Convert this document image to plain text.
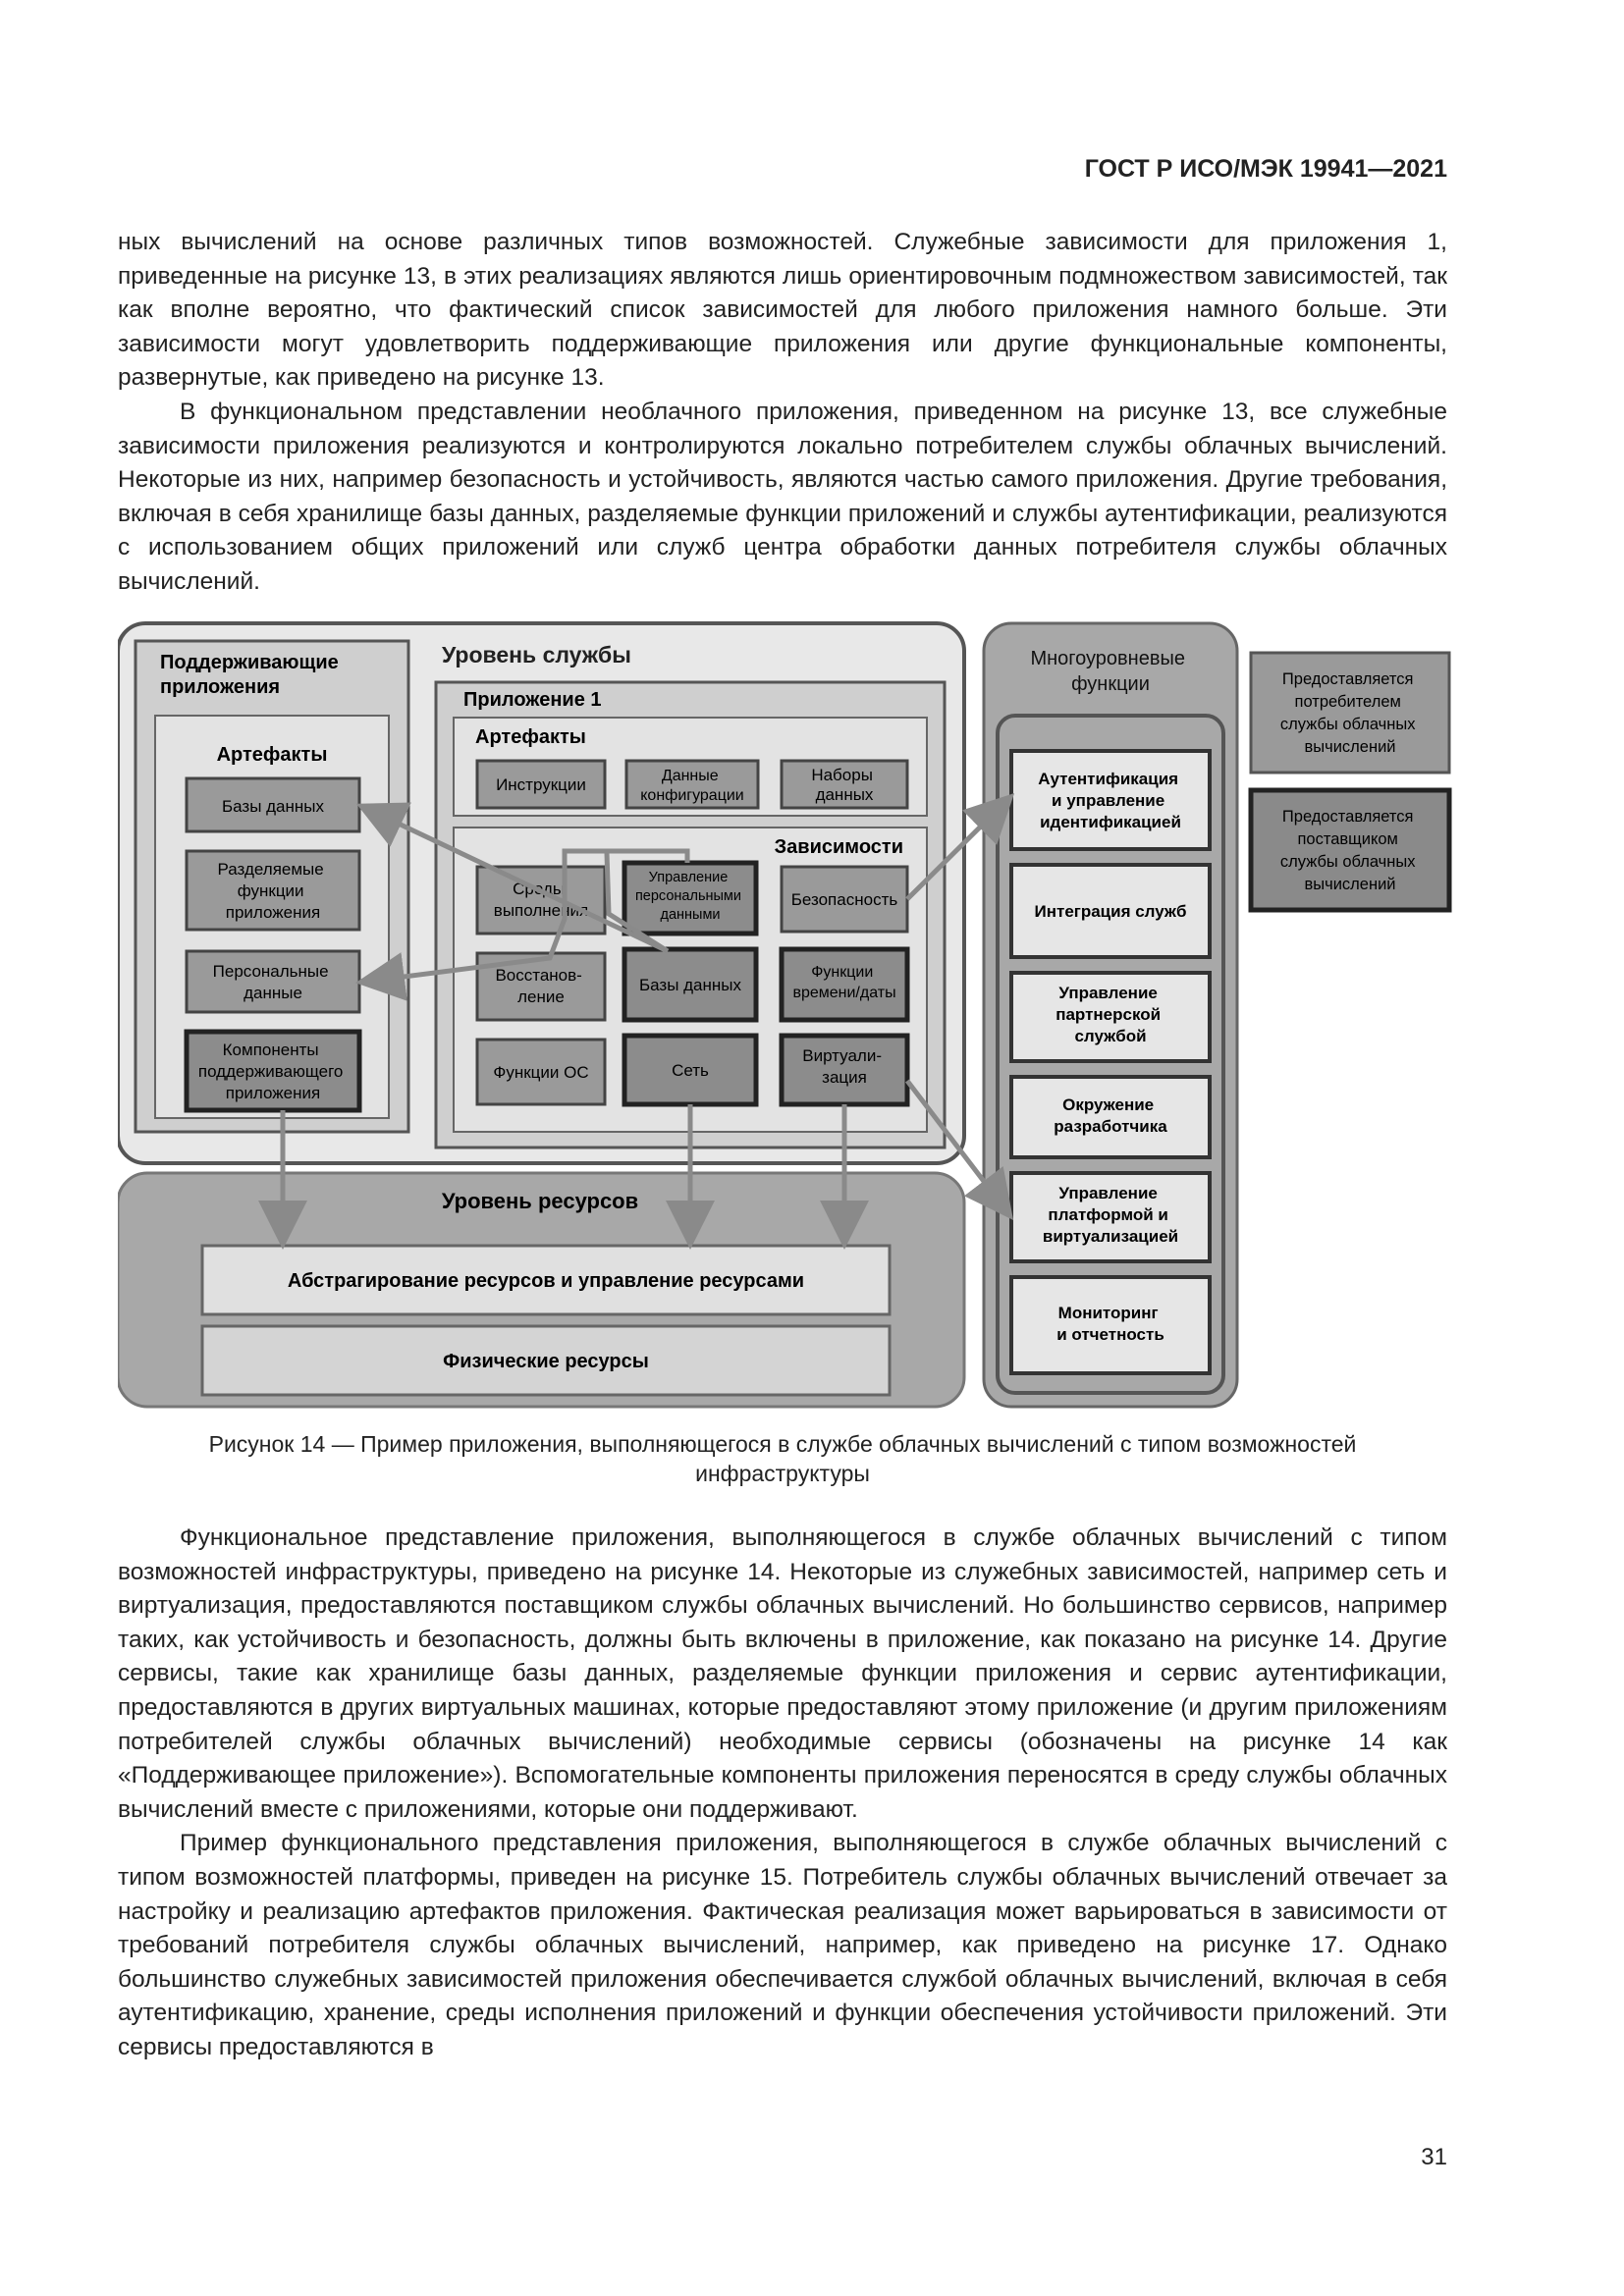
ГОСТ Р ИСО/МЭК 19941—2021

ных вычислений на основе различных типов возможностей. Служебные зависимости для приложения 1, приведенные на рисунке 13, в этих реализациях являются лишь ориентировочным подмножеством зависимостей, так как вполне вероятно, что фактический список зависимостей для любого приложения намного больше. Эти зависимости могут удовлетворить поддерживающие приложения или другие функциональные компоненты, развернутые, как приведено на рисунке 13.

В функциональном представлении необлачного приложения, приведенном на рисунке 13, все служебные зависимости приложения реализуются и контролируются локально потребителем службы облачных вычислений. Некоторые из них, например безопасность и устойчивость, являются частью самого приложения. Другие требования, включая в себя хранилище базы данных, разделяемые функции приложений и службы аутентификации, реализуются с использованием общих приложений или служб центра обработки данных потребителя службы облачных вычислений.

Уровень службы
Поддерживающие приложения
Артефакты
Базы данных
Разделяемые функции приложения
Персональные данные
Компоненты поддерживающего приложения
Приложение 1
Артефакты
Инструкции	Данные конфигурации
Наборы данных
Зависимости
Среды выполнения
Управление персональными данными
Безопасность
Восстанов- ление
Базы данных
Функции времени/даты
Функции ОС	Сеть
Виртуали- зация
Уровень ресурсов
Абстрагирование ресурсов и управление ресурсами
Физические ресурсы
Многоуровневые функции
Аутентификация и управление идентификацией
Интеграция служб
Управление партнерской службой
Окружение разработчика
Управление платформой и виртуализацией
Мониторинг и отчетность
Предоставляется потребителем службы облачных вычислений
Предоставляется поставщиком службы облачных вычислений
Рисунок 14 — Пример приложения, выполняющегося в службе облачных вычислений с типом возможностей
инфраструктуры

Функциональное представление приложения, выполняющегося в службе облачных вычислений с типом возможностей инфраструктуры, приведено на рисунке 14. Некоторые из служебных зависимостей, например сеть и виртуализация, предоставляются поставщиком службы облачных вычислений. Но большинство сервисов, например таких, как устойчивость и безопасность, должны быть включены в приложение, как показано на рисунке 14. Другие сервисы, такие как хранилище базы данных, разделяемые функции приложения и сервис аутентификации, предоставляются в других виртуальных машинах, которые предоставляют этому приложение (и другим приложениям потребителей службы облачных вычислений) необходимые сервисы (обозначены на рисунке 14 как «Поддерживающее приложение»). Вспомогательные компоненты приложения переносятся в среду службы облачных вычислений вместе с приложениями, которые они поддерживают.

Пример функционального представления приложения, выполняющегося в службе облачных вычислений с типом возможностей платформы, приведен на рисунке 15. Потребитель службы облачных вычислений отвечает за настройку и реализацию артефактов приложения. Фактическая реализация может варьироваться в зависимости от требований потребителя службы облачных вычислений, например, как приведено на рисунке 17. Однако большинство служебных зависимостей приложения обеспечивается службой облачных вычислений, включая в себя аутентификацию, хранение, среды исполнения приложений и функции обеспечения устойчивости приложений. Эти сервисы предоставляются в

31
